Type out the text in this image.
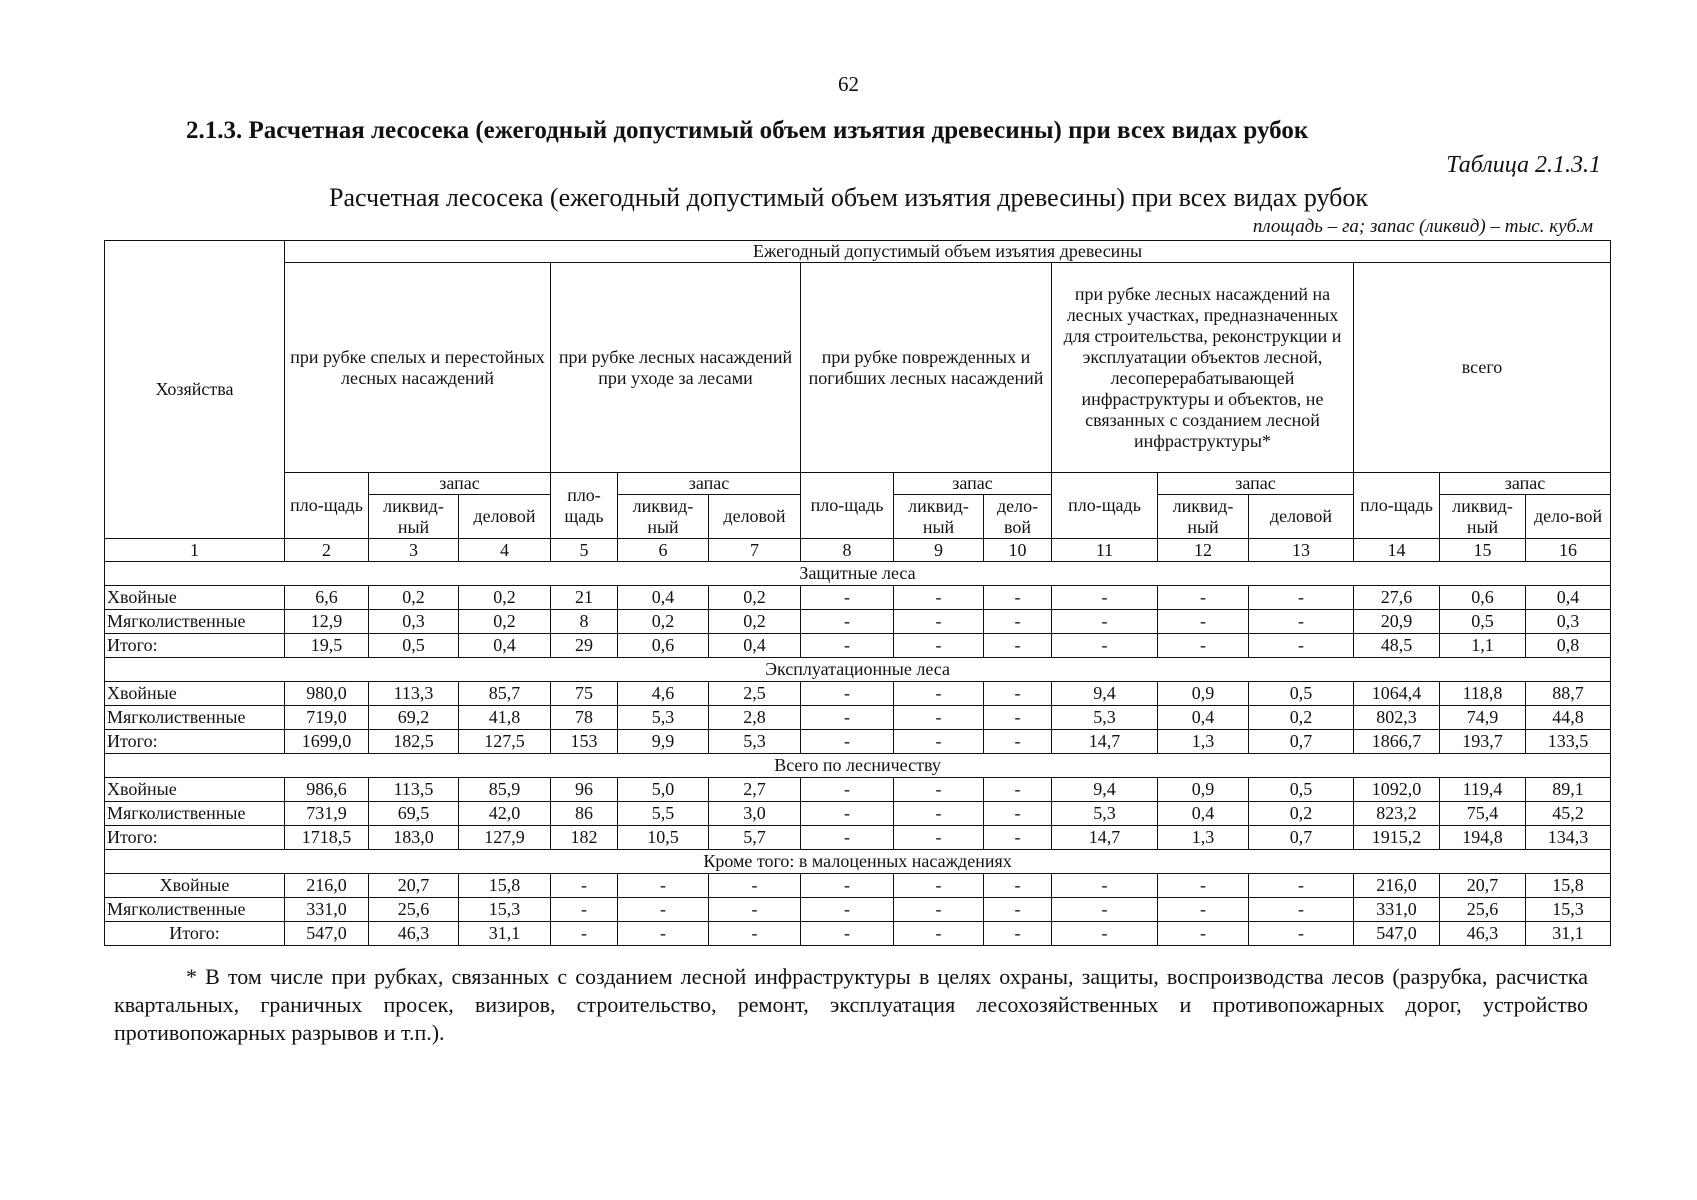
62
2.1.3. Расчетная лесосека (ежегодный допустимый объем изъятия древесины) при всех видах рубок
Таблица 2.1.3.1
Расчетная лесосека (ежегодный допустимый объем изъятия древесины) при всех видах рубок
площадь – га; запас (ликвид) – тыс. куб.м
Хозяйства	Ежегодный допустимый объем изъятия древесины														
	при рубке спелых и перестойных лесных насаждений			при рубке лесных насаждений при уходе за лесами			при рубке поврежденных и погибших лесных насаждений			при рубке лесных насаждений на лесных участках, предназначенных для строительства, реконструкции и эксплуатации объектов лесной, лесоперерабатывающей инфраструктуры и объектов, не связанных с созданием лесной инфраструктуры*			всего		
	пло-щадь	запас		пло-щадь	запас		пло-щадь	запас		пло-щадь	запас		пло-щадь	запас	
		ликвид-ный	деловой		ликвид-ный	деловой		ликвид-ный	дело-вой		ликвид-ный	деловой		ликвид-ный	дело-вой
1	2	3	4	5	6	7	8	9	10	11	12	13	14	15	16
Защитные леса															
Хвойные	6,6	0,2	0,2	21	0,4	0,2	-	-	-	-	-	-	27,6	0,6	0,4
Мягколиственные	12,9	0,3	0,2	8	0,2	0,2	-	-	-	-	-	-	20,9	0,5	0,3
Итого:	19,5	0,5	0,4	29	0,6	0,4	-	-	-	-	-	-	48,5	1,1	0,8
Эксплуатационные леса															
Хвойные	980,0	113,3	85,7	75	4,6	2,5	-	-	-	9,4	0,9	0,5	1064,4	118,8	88,7
Мягколиственные	719,0	69,2	41,8	78	5,3	2,8	-	-	-	5,3	0,4	0,2	802,3	74,9	44,8
Итого:	1699,0	182,5	127,5	153	9,9	5,3	-	-	-	14,7	1,3	0,7	1866,7	193,7	133,5
Всего по лесничеству															
Хвойные	986,6	113,5	85,9	96	5,0	2,7	-	-	-	9,4	0,9	0,5	1092,0	119,4	89,1
Мягколиственные	731,9	69,5	42,0	86	5,5	3,0	-	-	-	5,3	0,4	0,2	823,2	75,4	45,2
Итого:	1718,5	183,0	127,9	182	10,5	5,7	-	-	-	14,7	1,3	0,7	1915,2	194,8	134,3
Кроме того: в малоценных насаждениях															
Хвойные	216,0	20,7	15,8	-	-	-	-	-	-	-	-	-	216,0	20,7	15,8
Мягколиственные	331,0	25,6	15,3	-	-	-	-	-	-	-	-	-	331,0	25,6	15,3
Итого:	547,0	46,3	31,1	-	-	-	-	-	-	-	-	-	547,0	46,3	31,1
* В том числе при рубках, связанных с созданием лесной инфраструктуры в целях охраны, защиты, воспроизводства лесов (разрубка, расчистка квартальных, граничных просек, визиров, строительство, ремонт, эксплуатация лесохозяйственных и противопожарных дорог, устройство противопожарных разрывов и т.п.).
